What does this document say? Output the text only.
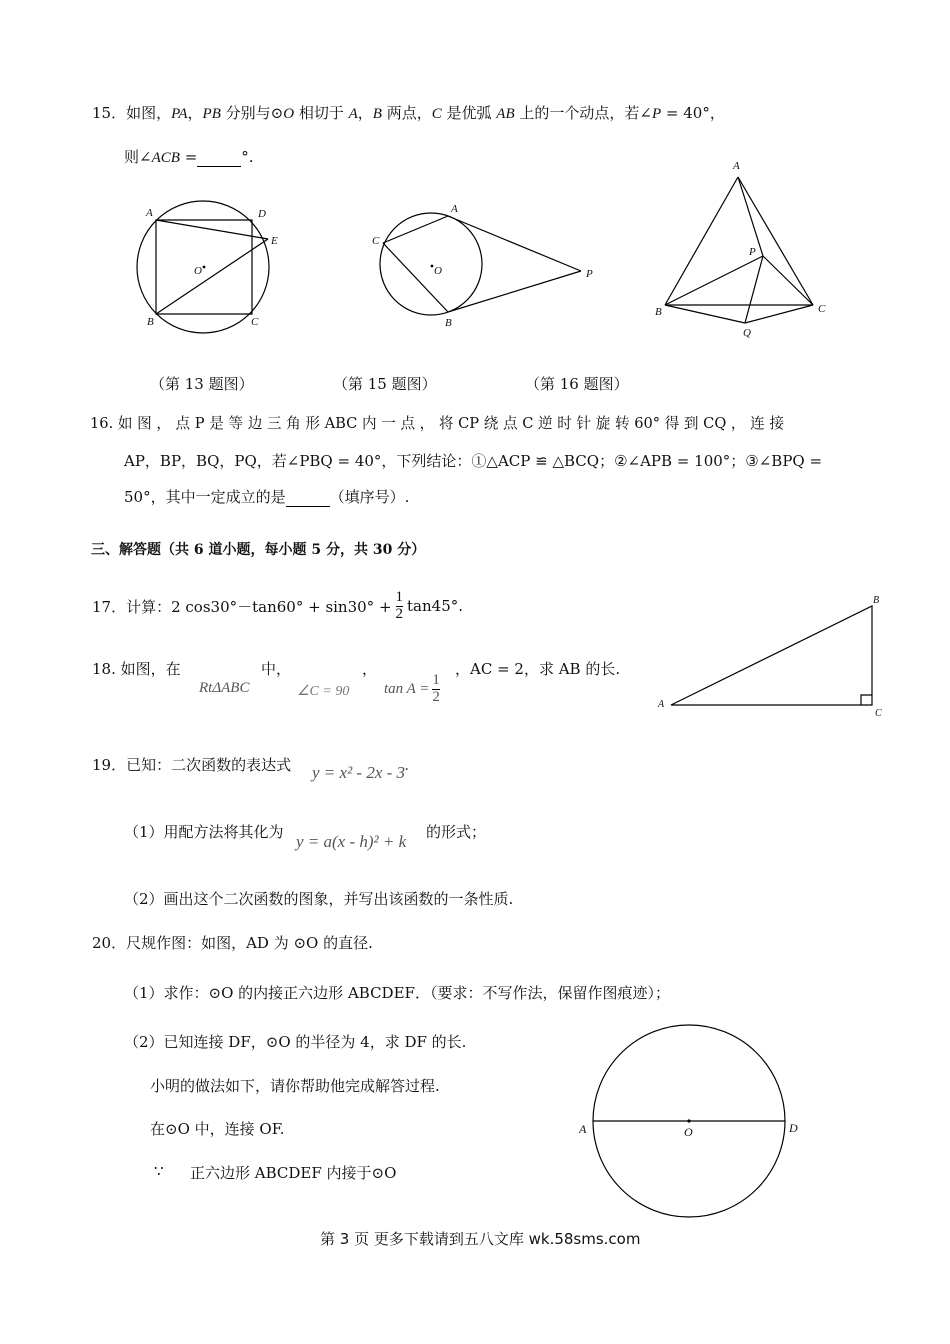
15．如图，PA，PB 分别与⊙O 相切于 A，B 两点，C 是优弧 AB 上的一个动点，若∠P = 40°，
则∠ACB =	°.
A	D
E
O
B	C
A
C
O	P
B
A
P
B	C
Q
（第 13 题图）	（第 15 题图）	（第 16 题图）
16. 如 图 ， 点 P 是 等 边 三 角 形 ABC 内 一 点 ， 将 CP 绕 点 C 逆 时 针 旋 转 60° 得 到 CQ ， 连 接
AP，BP，BQ，PQ，若∠PBQ = 40°，下列结论：①△ACP ≌ △BCQ；②∠APB = 100°；③∠BPQ =
50°，其中一定成立的是	（填序号）.
三、解答题（共 6 道小题，每小题 5 分，共 30 分）
17．计算：2 $\cos 30^\circ-\tan 60^\circ + \sin 30^\circ + \frac{1}{2} \tan 45^\circ$.
18. 如图，在	中，	，
RtΔABC	∠C = 90 $\tan A = \frac{1}{2}$
，AC = 2，求 AB 的长.
B
A
C
19．已知：二次函数的表达式 y = x² - 2x - 3.
（1）用配方法将其化为 y = a(x - h)² + k 的形式；
（2）画出这个二次函数的图象，并写出该函数的一条性质.
20．尺规作图：如图，AD 为 ⊙O 的直径.
（1）求作：⊙O 的内接正六边形 ABCDEF．（要求：不写作法，保留作图痕迹）；
（2）已知连接 DF，⊙O 的半径为 4，求 DF 的长.
小明的做法如下，请你帮助他完成解答过程.
在⊙O 中，连接 OF.
∵ 正六边形 ABCDEF 内接于⊙O
A	O	D
第 3 页 更多下载请到五八文库 wk.58sms.com
